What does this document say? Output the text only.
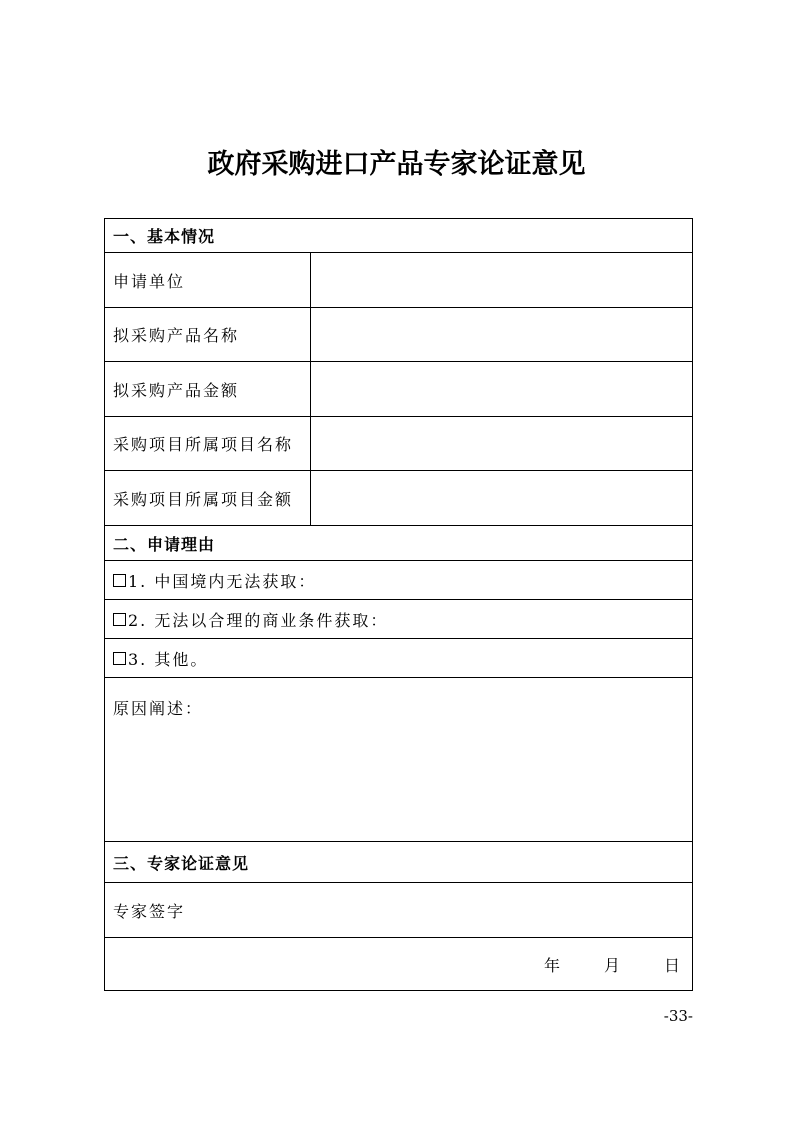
政府采购进口产品专家论证意见
一、基本情况
申请单位
拟采购产品名称
拟采购产品金额
采购项目所属项目名称
采购项目所属项目金额
二、申请理由
1. 中国境内无法获取：
2. 无法以合理的商业条件获取：
3. 其他。
原因阐述：
三、专家论证意见
专家签字
年	月	日
-33-
